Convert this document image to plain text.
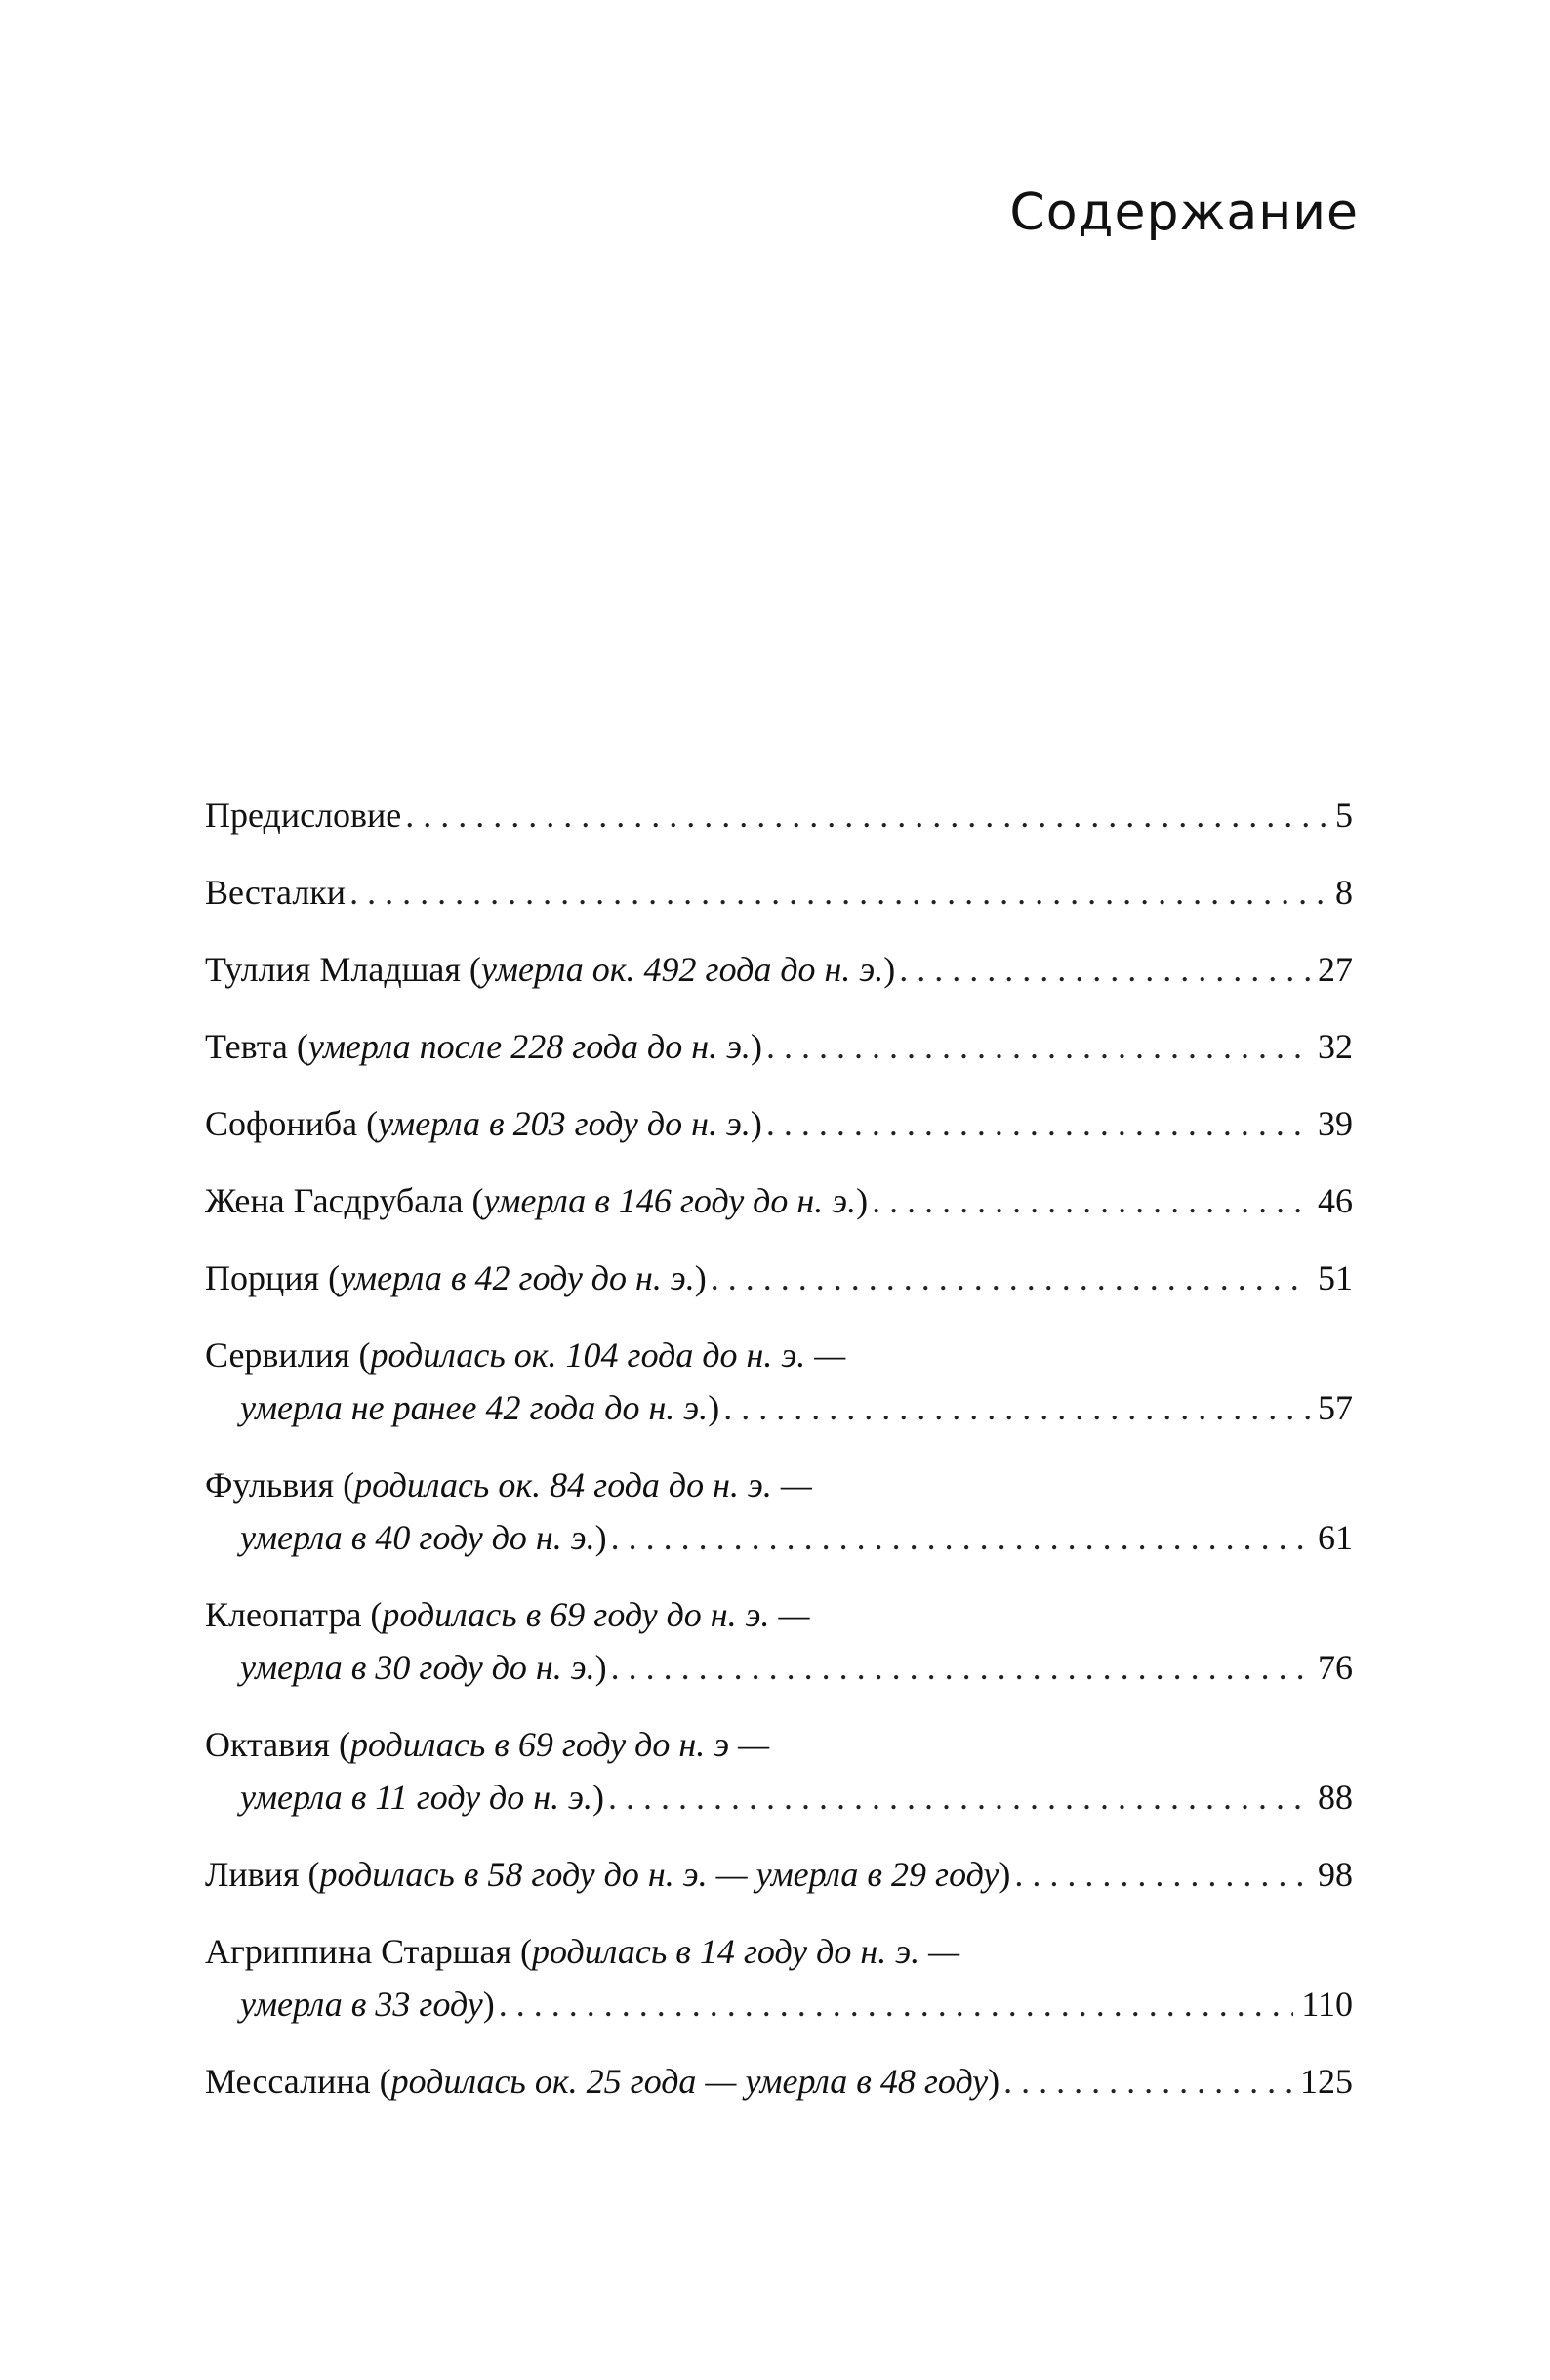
Содержание
Предисловие . . .	5
Весталки . . .	8
Туллия Младшая (умерла ок. 492 года до н. э.) . . .	27
Тевта (умерла после 228 года до н. э.) . . .	32
Софониба (умерла в 203 году до н. э.) . . .	39
Жена Гасдрубала (умерла в 146 году до н. э.) . . .	46
Порция (умерла в 42 году до н. э.) . . .	51
Сервилия (родилась ок. 104 года до н. э. —
умерла не ранее 42 года до н. э.) . . .	57
Фульвия (родилась ок. 84 года до н. э. —
умерла в 40 году до н. э.) . . .	61
Клеопатра (родилась в 69 году до н. э. —
умерла в 30 году до н. э.) . . .	76
Октавия (родилась в 69 году до н. э —
умерла в 11 году до н. э.) . . .	88
Ливия (родилась в 58 году до н. э. — умерла в 29 году) . . .	98
Агриппина Старшая (родилась в 14 году до н. э. —
умерла в 33 году) . . .	110
Мессалина (родилась ок. 25 года — умерла в 48 году) . . .	125
